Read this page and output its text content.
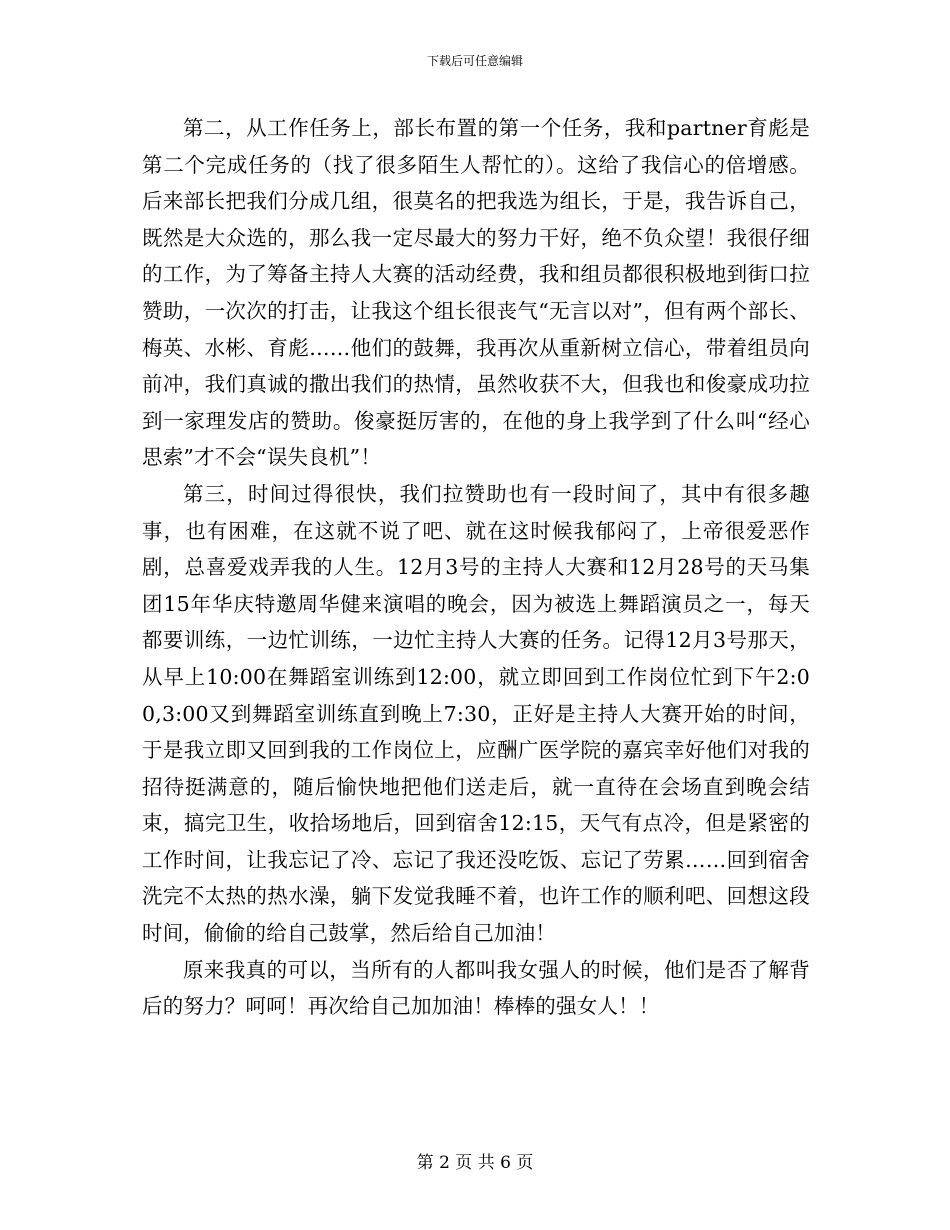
下载后可任意编辑

第二，从工作任务上，部长布置的第一个任务，我和partner育彪是第二个完成任务的（找了很多陌生人帮忙的）。这给了我信心的倍增感。后来部长把我们分成几组，很莫名的把我选为组长，于是，我告诉自己，既然是大众选的，那么我一定尽最大的努力干好，绝不负众望！我很仔细的工作，为了筹备主持人大赛的活动经费，我和组员都很积极地到街口拉赞助，一次次的打击，让我这个组长很丧气“无言以对”，但有两个部长、梅英、水彬、育彪……他们的鼓舞，我再次从重新树立信心，带着组员向前冲，我们真诚的撒出我们的热情，虽然收获不大，但我也和俊豪成功拉到一家理发店的赞助。俊豪挺厉害的，在他的身上我学到了什么叫“经心思索”才不会“误失良机”！

第三，时间过得很快，我们拉赞助也有一段时间了，其中有很多趣事，也有困难，在这就不说了吧、就在这时候我郁闷了，上帝很爱恶作剧，总喜爱戏弄我的人生。12月3号的主持人大赛和12月28号的天马集团15年华庆特邀周华健来演唱的晚会，因为被选上舞蹈演员之一，每天都要训练，一边忙训练，一边忙主持人大赛的任务。记得12月3号那天，从早上10:00在舞蹈室训练到12:00，就立即回到工作岗位忙到下午2:00,3:00又到舞蹈室训练直到晚上7:30，正好是主持人大赛开始的时间，于是我立即又回到我的工作岗位上，应酬广医学院的嘉宾幸好他们对我的招待挺满意的，随后愉快地把他们送走后，就一直待在会场直到晚会结束，搞完卫生，收拾场地后，回到宿舍12:15，天气有点冷，但是紧密的工作时间，让我忘记了冷、忘记了我还没吃饭、忘记了劳累……回到宿舍洗完不太热的热水澡，躺下发觉我睡不着，也许工作的顺利吧、回想这段时间，偷偷的给自己鼓掌，然后给自己加油！

原来我真的可以，当所有的人都叫我女强人的时候，他们是否了解背后的努力？呵呵！再次给自己加加油！棒棒的强女人！！

第 2 页 共 6 页
